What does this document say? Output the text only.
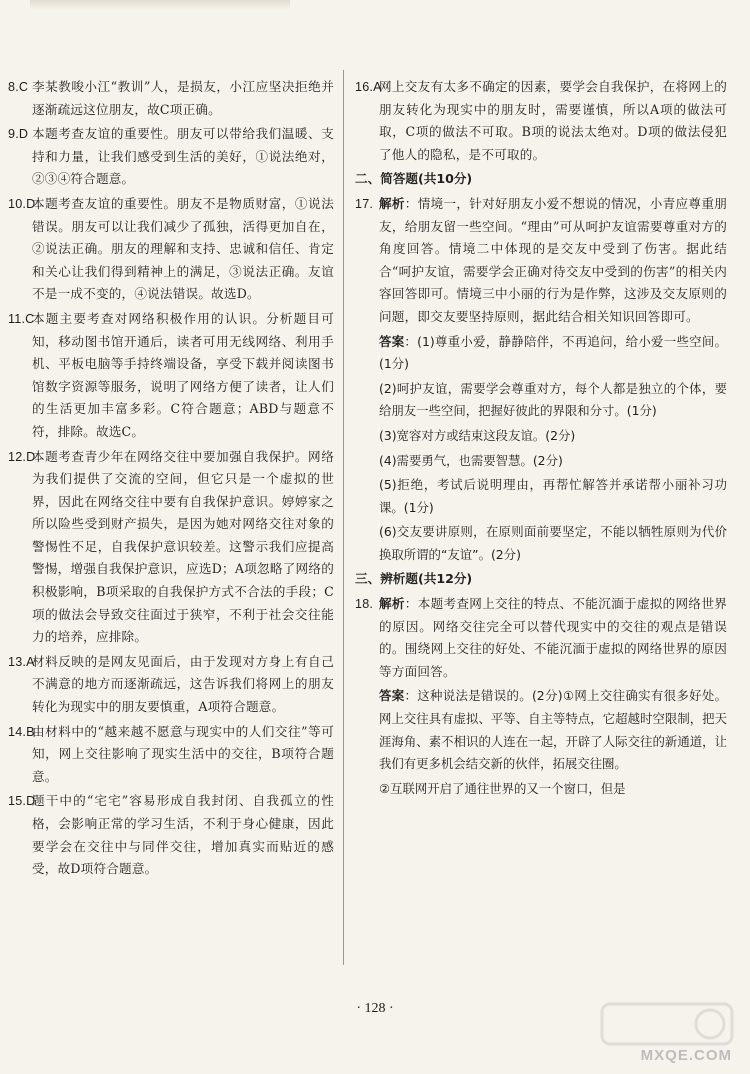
8.C 李某教唆小江“教训”人，是损友，小江应坚决拒绝并逐渐疏远这位朋友，故C项正确。
9.D 本题考查友谊的重要性。朋友可以带给我们温暖、支持和力量，让我们感受到生活的美好，①说法绝对，②③④符合题意。
10.D
本题考查友谊的重要性。朋友不是物质财富，①说法错误。朋友可以让我们减少了孤独，活得更加自在，②说法正确。朋友的理解和支持、忠诚和信任、肯定和关心让我们得到精神上的满足，③说法正确。友谊不是一成不变的，④说法错误。故选D。
11.C
本题主要考查对网络积极作用的认识。分析题目可知，移动图书馆开通后，读者可用无线网络、利用手机、平板电脑等手持终端设备，享受下载并阅读图书馆数字资源等服务，说明了网络方便了读者，让人们的生活更加丰富多彩。C符合题意；ABD与题意不符，排除。故选C。
12.D
本题考查青少年在网络交往中要加强自我保护。网络为我们提供了交流的空间，但它只是一个虚拟的世界，因此在网络交往中要有自我保护意识。婷婷家之所以险些受到财产损失，是因为她对网络交往对象的警惕性不足，自我保护意识较差。这警示我们应提高警惕，增强自我保护意识，应选D；A项忽略了网络的积极影响，B项采取的自我保护方式不合法的手段；C项的做法会导致交往面过于狭窄，不利于社会交往能力的培养，应排除。
13.A
材料反映的是网友见面后，由于发现对方身上有自己不满意的地方而逐渐疏远，这告诉我们将网上的朋友转化为现实中的朋友要慎重，A项符合题意。
14.B
由材料中的“越来越不愿意与现实中的人们交往”等可知，网上交往影响了现实生活中的交往，B项符合题意。
15.D
题干中的“宅宅”容易形成自我封闭、自我孤立的性格，会影响正常的学习生活，不利于身心健康，因此要学会在交往中与同伴交往，增加真实而贴近的感受，故D项符合题意。
16.A
网上交友有太多不确定的因素，要学会自我保护，在将网上的朋友转化为现实中的朋友时，需要谨慎，所以A项的做法可取，C项的做法不可取。B项的说法太绝对。D项的做法侵犯了他人的隐私，是不可取的。
二、简答题(共10分)
17. 解析：情境一，针对好朋友小爱不想说的情况，小青应尊重朋友，给朋友留一些空间。“理由”可从呵护友谊需要尊重对方的角度回答。情境二中体现的是交友中受到了伤害。据此结合“呵护友谊，需要学会正确对待交友中受到的伤害”的相关内容回答即可。情境三中小丽的行为是作弊，这涉及交友原则的问题，即交友要坚持原则，据此结合相关知识回答即可。
答案：(1)尊重小爱，静静陪伴，不再追问，给小爱一些空间。(1分)
(2)呵护友谊，需要学会尊重对方，每个人都是独立的个体，要给朋友一些空间，把握好彼此的界限和分寸。(1分)
(3)宽容对方或结束这段友谊。(2分)
(4)需要勇气，也需要智慧。(2分)
(5)拒绝，考试后说明理由，再帮忙解答并承诺帮小丽补习功课。(1分)
(6)交友要讲原则，在原则面前要坚定，不能以牺牲原则为代价换取所谓的“友谊”。(2分)
三、辨析题(共12分)
18. 解析：本题考查网上交往的特点、不能沉湎于虚拟的网络世界的原因。网络交往完全可以替代现实中的交往的观点是错误的。围绕网上交往的好处、不能沉湎于虚拟的网络世界的原因等方面回答。
答案：这种说法是错误的。(2分)①网上交往确实有很多好处。网上交往具有虚拟、平等、自主等特点，它超越时空限制，把天涯海角、素不相识的人连在一起，开辟了人际交往的新通道，让我们有更多机会结交新的伙伴，拓展交往圈。
②互联网开启了通往世界的又一个窗口，但是
· 128 ·
MXQE.COM
